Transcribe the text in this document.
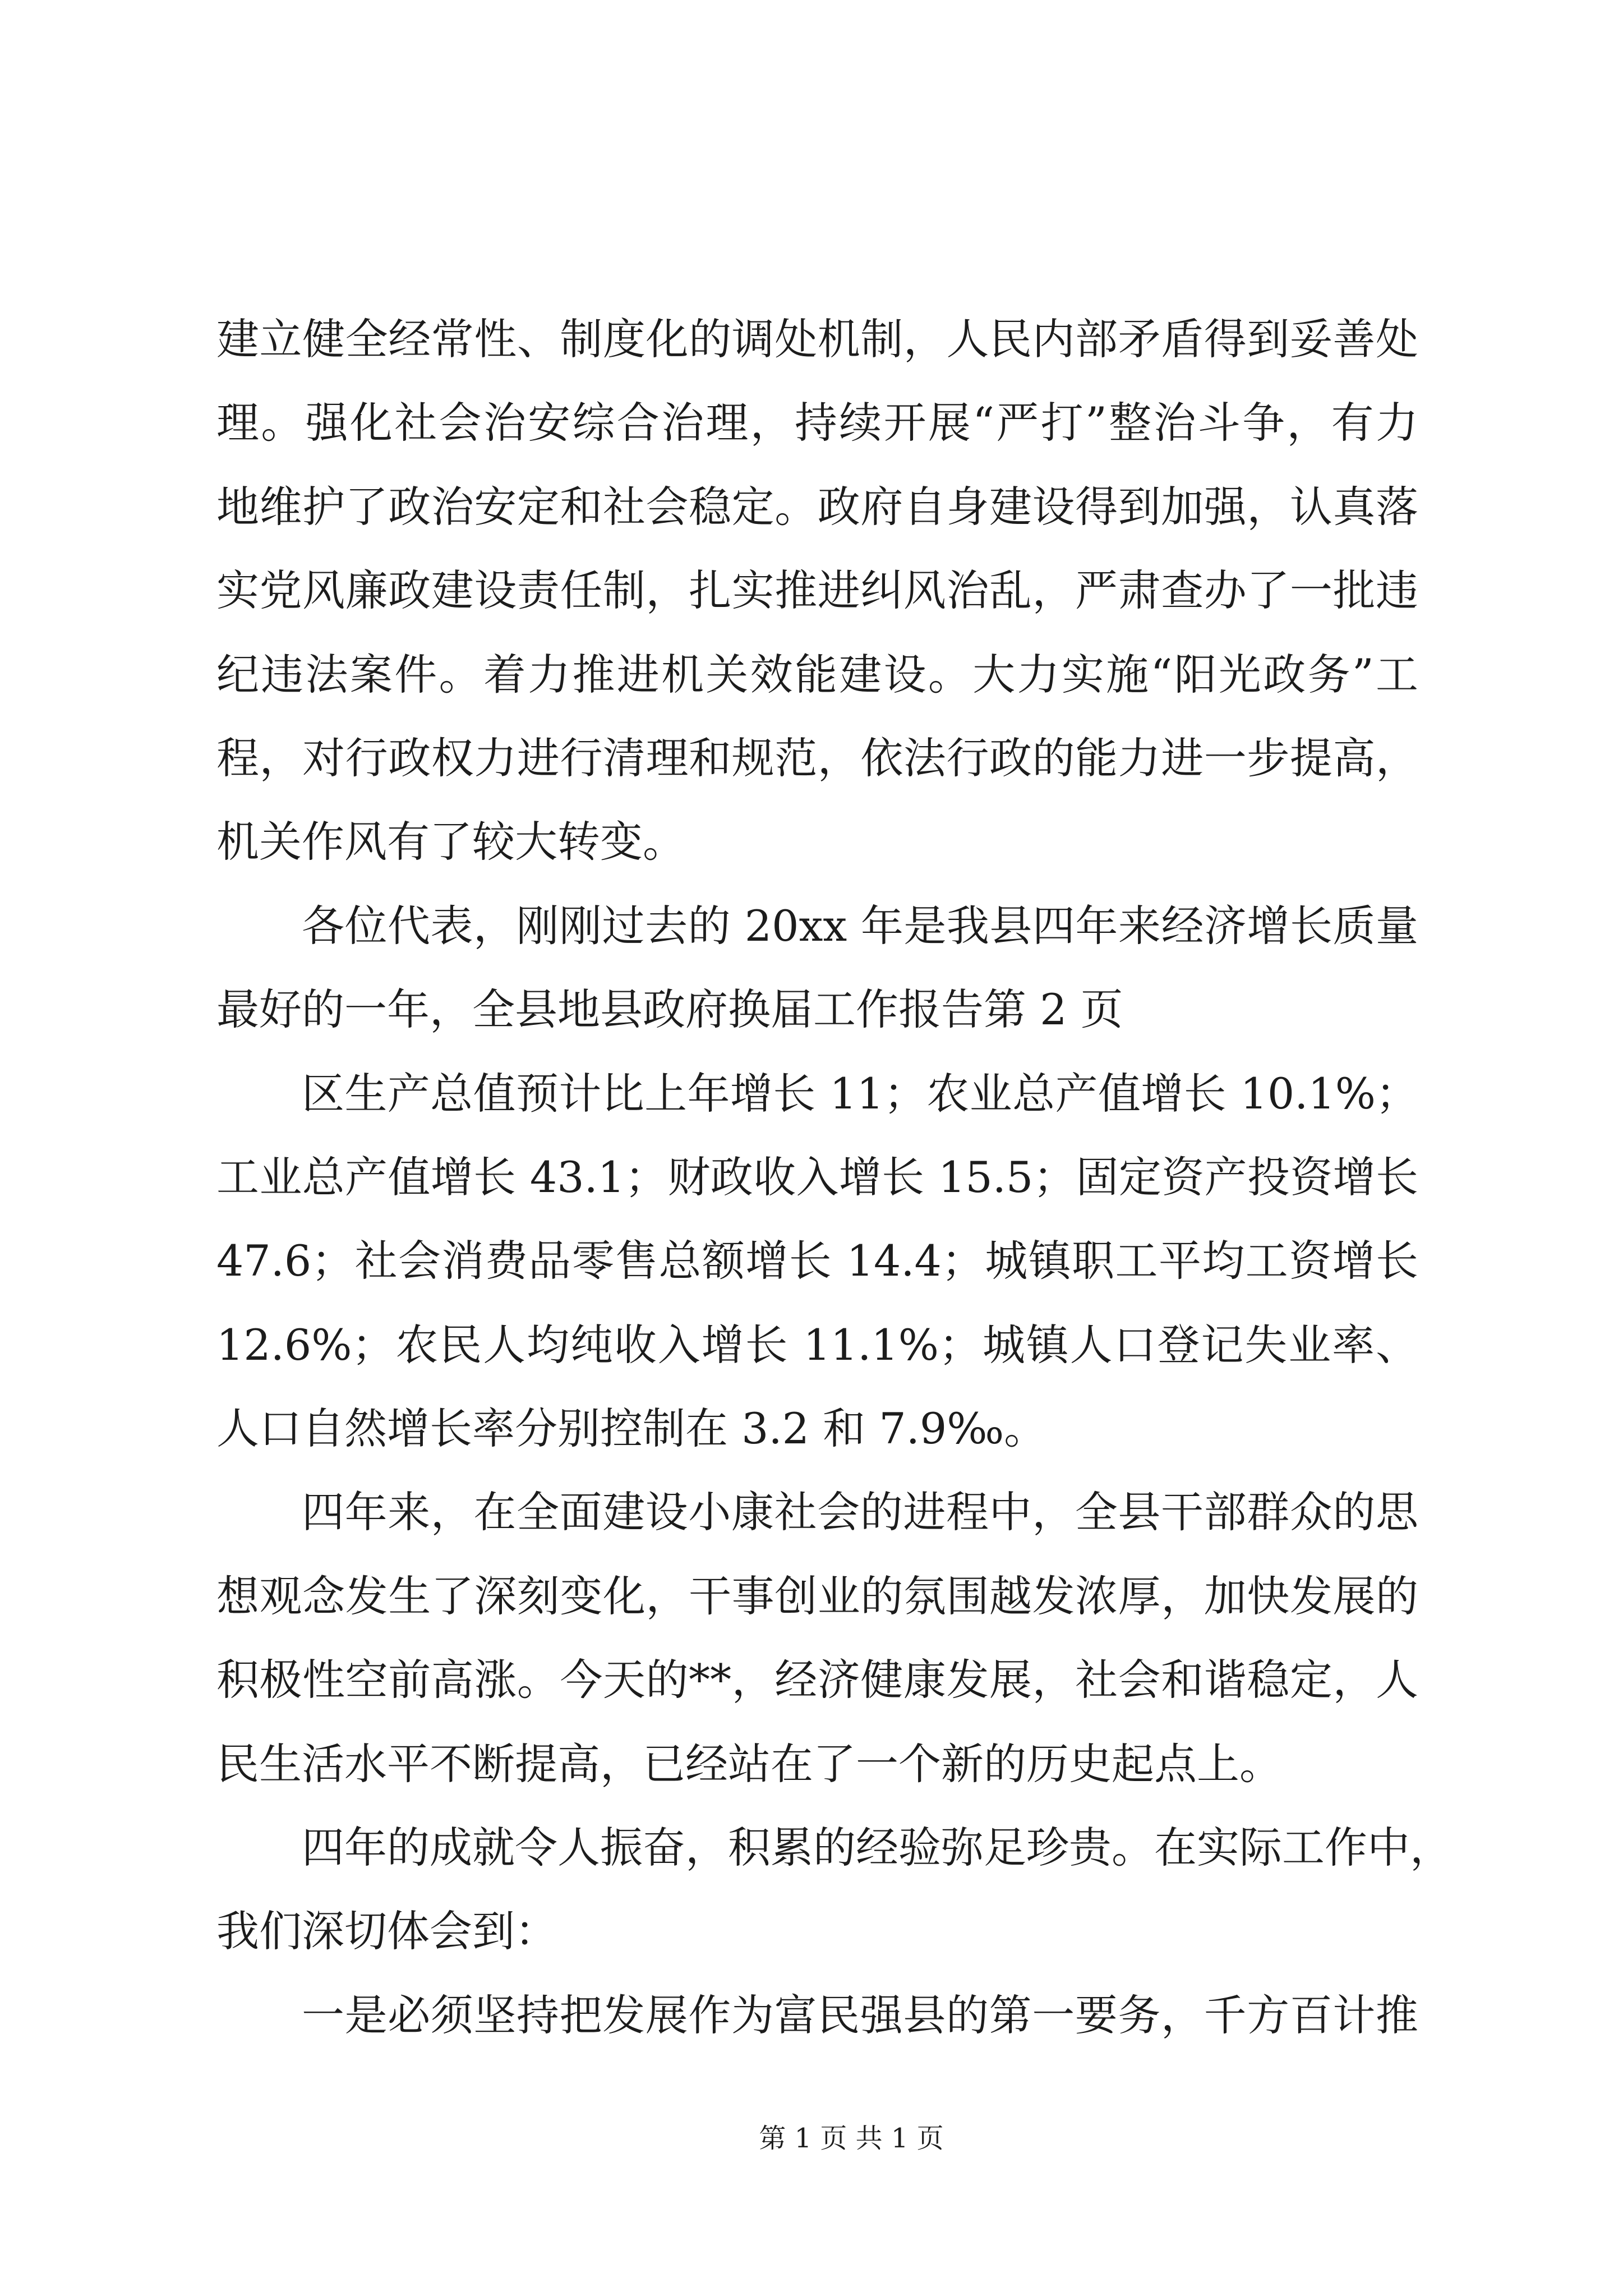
建立健全经常性、制度化的调处机制，人民内部矛盾得到妥善处
理。强化社会治安综合治理，持续开展“严打”整治斗争，有力
地维护了政治安定和社会稳定。政府自身建设得到加强，认真落
实党风廉政建设责任制，扎实推进纠风治乱，严肃查办了一批违
纪违法案件。着力推进机关效能建设。大力实施“阳光政务”工
程，对行政权力进行清理和规范，依法行政的能力进一步提高，
机关作风有了较大转变。
各位代表，刚刚过去的 20xx 年是我县四年来经济增长质量
最好的一年，全县地县政府换届工作报告第 2 页
区生产总值预计比上年增长 11；农业总产值增长 10.1%；
工业总产值增长 43.1；财政收入增长 15.5；固定资产投资增长
47.6；社会消费品零售总额增长 14.4；城镇职工平均工资增长
12.6%；农民人均纯收入增长 11.1%；城镇人口登记失业率、
人口自然增长率分别控制在 3.2 和 7.9‰。
四年来，在全面建设小康社会的进程中，全县干部群众的思
想观念发生了深刻变化，干事创业的氛围越发浓厚，加快发展的
积极性空前高涨。今天的**，经济健康发展，社会和谐稳定，人
民生活水平不断提高，已经站在了一个新的历史起点上。
四年的成就令人振奋，积累的经验弥足珍贵。在实际工作中，
我们深切体会到：
一是必须坚持把发展作为富民强县的第一要务，千方百计推
第 1 页 共 1 页
